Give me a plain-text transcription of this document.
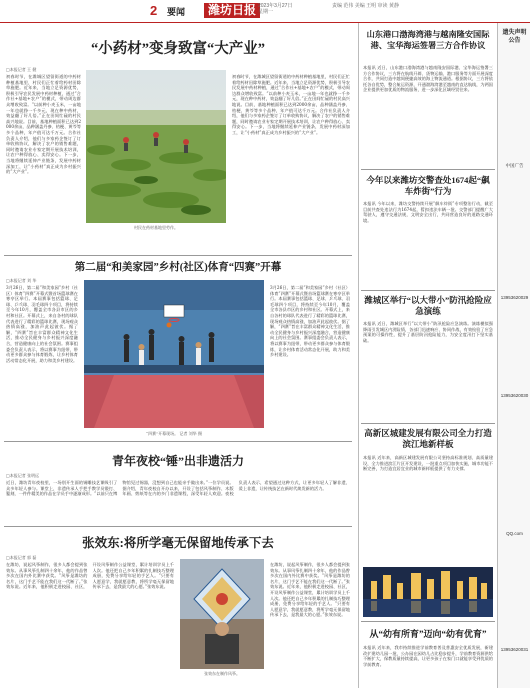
2 要闻	潍坊日报 2023年3月27日
星期一
责编 范伟 美编 王明 审读 黄静
“小药材”变身致富“大产业”
□本报记者 王 健
初春时节，在潍城区望留街道的中药材种植基地里，村民们正忙着给药材田除草施肥。近年来，当地立足资源优势，积极引导农民发展中药材种植，通过“合作社+基地+农户”的模式，带动周边群众增收致富。“以前种小麦玉米，一亩地一年也就挣一千多元，现在种中药材，效益翻了好几倍。”正在田间忙碌的村民高兴地说。目前，基地种植面积已达到2000余亩，品种涵盖丹参、桔梗、黄芩等多个品种，年产值可达千万元。合作社负责人介绍，他们与多家药企签订了订单收购协议，解决了农户的销售难题，同时邀请农业专家定期开展技术培训，让农户种得放心、卖得安心。下一步，当地将继续延伸产业链条，发展中药材深加工，让“小药材”真正成为乡村振兴的“大产业”。
村民在药材基地里劳作。
初春时节，在潍城区望留街道的中药材种植基地里，村民们正忙着给药材田除草施肥。近年来，当地立足资源优势，积极引导农民发展中药材种植，通过“合作社+基地+农户”的模式，带动周边群众增收致富。“以前种小麦玉米，一亩地一年也就挣一千多元，现在种中药材，效益翻了好几倍。”正在田间忙碌的村民高兴地说。目前，基地种植面积已达到2000余亩，品种涵盖丹参、桔梗、黄芩等多个品种，年产值可达千万元。合作社负责人介绍，他们与多家药企签订了订单收购协议，解决了农户的销售难题，同时邀请农业专家定期开展技术培训，让农户种得放心、卖得安心。下一步，当地将继续延伸产业链条，发展中药材深加工，让“小药材”真正成为乡村振兴的“大产业”。
第二届“和美家园”乡村(社区)体育“四赛”开幕
□本报记者 刘 华
3月26日，第二届“和美家园”乡村（社区）体育“四赛”开幕式暨首场篮球赛在寒亭区举行。本届赛事包括篮球、足球、乒乓球、羽毛球四个项目，将持续至今年10月，覆盖全市各县市区的乡村和社区。开幕式上，来自各村的球队代表进行了精彩的篮球比赛，现场观众热情高涨，加油声此起彼伏。据了解，“四赛”旨在丰富群众精神文化生活，推动全民健身与乡村振兴深度融合，营造健康向上的社会氛围。赛事组委会负责人表示，将以赛事为纽带，带动更多群众参与体育锻炼，让乡村体育活动常态化开展，助力和美乡村建设。
“四赛”开幕现场。 记者 刘华 摄
3月26日，第二届“和美家园”乡村（社区）体育“四赛”开幕式暨首场篮球赛在寒亭区举行。本届赛事包括篮球、足球、乒乓球、羽毛球四个项目，将持续至今年10月，覆盖全市各县市区的乡村和社区。开幕式上，来自各村的球队代表进行了精彩的篮球比赛，现场观众热情高涨，加油声此起彼伏。据了解，“四赛”旨在丰富群众精神文化生活，推动全民健身与乡村振兴深度融合，营造健康向上的社会氛围。赛事组委会负责人表示，将以赛事为纽带，带动更多群众参与体育锻炼，让乡村体育活动常态化开展，助力和美乡村建设。
青年夜校“锤”出非遗活力
□本报记者 张明远
近日，潍坊青年夜校里，一场别开生面的锡雕技艺课吸引了众多年轻人参与。课堂上，非遗传承人手把手教学员锻打、錾刻，一件件精美的作品在学员手中逐渐成形。“以前只在博物馆见过锡器，没想到自己也能亲手做出来。”一位学员说。据介绍，青年夜校自开办以来，开设了包括风筝制作、木版年画、剪纸等在内的多门非遗课程，深受年轻人欢迎。夜校负责人表示，希望通过这种方式，让更多年轻人了解非遗、爱上非遗，让传统技艺在新时代焕发新的活力。
张效东:将所学毫无保留地传承下去
□本报记者 郭 磊
在潍坊，说起风筝制作，很多人都会提到张效东。从事风筝扎制四十余年，他的作品曾多次在国内外比赛中获奖。“风筝是潍坊的名片，这门手艺不能在我们这一代断了。”张效东说。近年来，他积极走进校园、社区，开设风筝制作公益课堂，累计培训学员上千人次。他还把自己多年积累的扎制技巧整理成册，免费分享给年轻的手艺人。“只要有人愿意学，我就愿意教，将所学毫无保留地传承下去，是我最大的心愿。”张效东说。
张效东在制作风筝。
在潍坊，说起风筝制作，很多人都会提到张效东。从事风筝扎制四十余年，他的作品曾多次在国内外比赛中获奖。“风筝是潍坊的名片，这门手艺不能在我们这一代断了。”张效东说。近年来，他积极走进校园、社区，开设风筝制作公益课堂，累计培训学员上千人次。他还把自己多年积累的扎制技巧整理成册，免费分享给年轻的手艺人。“只要有人愿意学，我就愿意教，将所学毫无保留地传承下去，是我最大的心愿。”张效东说。
山东港口渤海湾港与越南隆安国际港、宝华海运签署三方合作协议
本报讯 近日，山东港口渤海湾港与越南隆安国际港、宝华海运签署三方合作协议，三方将在航线开辟、货物运输、港口服务等方面开展深度合作，共同打造中越间便捷高效的海上物流通道。根据协议，三方将依托各自优势，整合航运资源，开通渤海湾港至越南的直达航线，为两国企业提供更加优质的物流服务，进一步深化区域经贸往来。
今年以来潍坊交警查处1674起“飙车炸街”行为
本报讯 今年以来，潍坊交警持续开展“飙车炸街”专项整治行动，截至目前共查处违法行为1674起，暂扣违法车辆一批。交警部门提醒广大驾驶人，遵守交通法规，文明安全出行，共同营造良好的道路交通环境。
潍城区举行“以大带小”防汛抢险应急演练
本报讯 近日，潍城区举行“以大带小”防汛抢险应急演练。演练模拟强降雨引发城区内涝险情，各部门迅速响应、协同作战，有效检验了应急预案的可操作性，提升了基层防汛抢险能力，为安全度汛打下坚实基础。
高新区城建发展有限公司全力打造滨江地新样板
本报讯 近年来，高新区城建发展有限公司坚持高标准规划、高质量建设，全力推进滨江片区开发建设，一批重点项目加快实施，城市功能不断完善，为打造宜居宜业的城市新样板提供了有力支撑。
从“幼有所育”迈向“幼有优育”
本报讯 近年来，我市持续推进学前教育普及普惠安全优质发展，新建改扩建幼儿园一批，公办园在园幼儿占比稳步提升，学前教育资源供给不断扩大，保教质量持续提高，让更多孩子在家门口就能享受到优质的学前教育。
遗失声明公告
中国广告
13953620029
13953620030
QQ.com
13953620031
